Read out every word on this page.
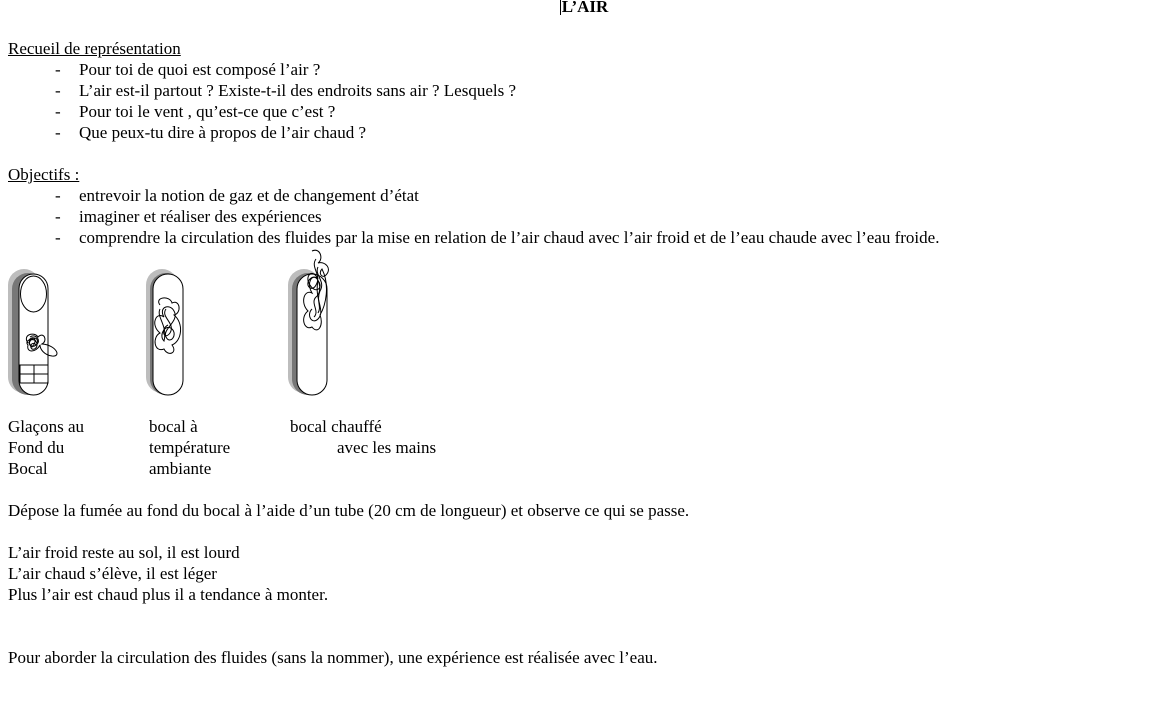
L’AIR
Recueil de représentation
- Pour toi de quoi est composé l’air ?
- L’air est-il partout ? Existe-t-il des endroits sans air ? Lesquels ?
- Pour toi le vent , qu’est-ce que c’est ?
- Que peux-tu dire à propos de l’air chaud ?
Objectifs :
- entrevoir la notion de gaz et de changement d’état
- imaginer et réaliser des expériences
- comprendre la circulation des fluides par la mise en relation de l’air chaud avec l’air froid et de l’eau chaude avec l’eau froide.
Glaçons au
Fond du
Bocal
bocal à
température
ambiante
bocal chauffé
avec les mains
Dépose la fumée au fond du bocal à l’aide d’un tube (20 cm de longueur) et observe ce qui se passe.
L’air froid reste au sol, il est lourd
L’air chaud s’élève, il est léger
Plus l’air est chaud plus il a tendance à monter.
Pour aborder la circulation des fluides (sans la nommer), une expérience est réalisée avec l’eau.
